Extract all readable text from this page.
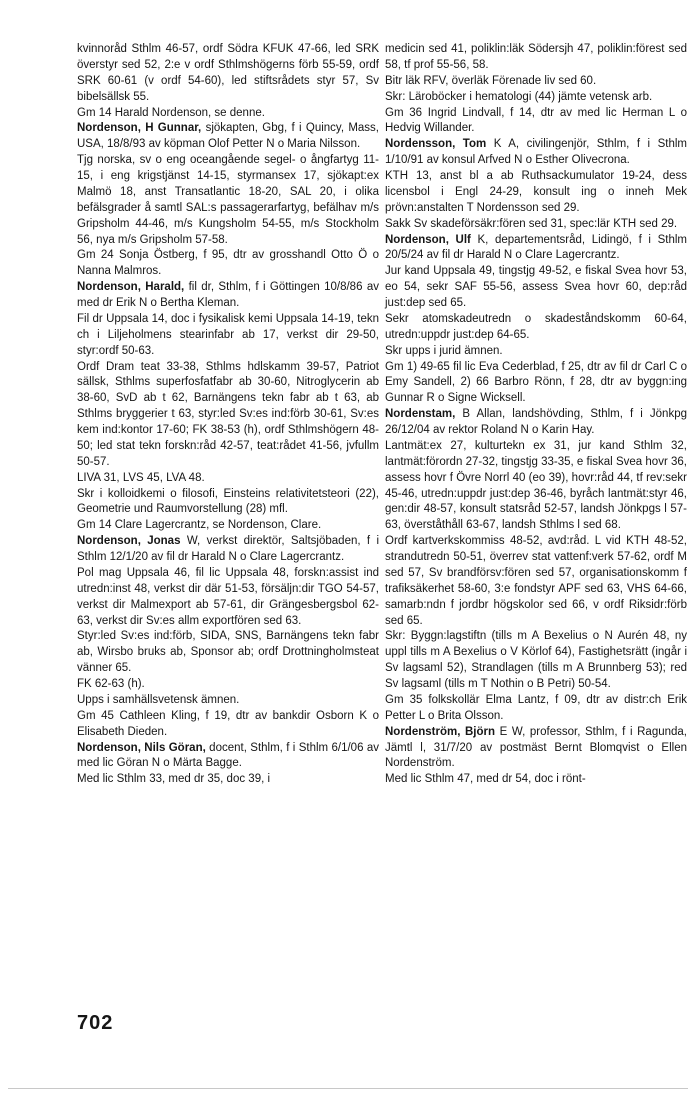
kvinnoråd Sthlm 46-57, ordf Södra KFUK 47-66, led SRK överstyr sed 52, 2:e v ordf Sthlmshögerns förb 55-59, ordf SRK 60-61 (v ordf 54-60), led stiftsrådets styr 57, Sv bibelsällsk 55.

Gm 14 Harald Nordenson, se denne.

Nordenson, H Gunnar, sjökapten, Gbg, f i Quincy, Mass, USA, 18/8/93 av köpman Olof Petter N o Maria Nilsson.

Tjg norska, sv o eng oceangående segel- o ångfartyg 11-15, i eng krigstjänst 14-15, styrmansex 17, sjökapt:ex Malmö 18, anst Transatlantic 18-20, SAL 20, i olika befälsgrader å samtl SAL:s passagerarfartyg, befälhav m/s Gripsholm 44-46, m/s Kungsholm 54-55, m/s Stockholm 56, nya m/s Gripsholm 57-58.

Gm 24 Sonja Östberg, f 95, dtr av grosshandl Otto Ö o Nanna Malmros.

Nordenson, Harald, fil dr, Sthlm, f i Göttingen 10/8/86 av med dr Erik N o Bertha Kleman.

Fil dr Uppsala 14, doc i fysikalisk kemi Uppsala 14-19, tekn ch i Liljeholmens stearinfabr ab 17, verkst dir 29-50, styr:ordf 50-63.

Ordf Dram teat 33-38, Sthlms hdlskamm 39-57, Patriot sällsk, Sthlms superfosfatfabr ab 30-60, Nitroglycerin ab 38-60, SvD ab t 62, Barnängens tekn fabr ab t 63, ab Sthlms bryggerier t 63, styr:led Sv:es ind:förb 30-61, Sv:es kem ind:kontor 17-60; FK 38-53 (h), ordf Sthlmshögern 48-50; led stat tekn forskn:råd 42-57, teat:rådet 41-56, jvfullm 50-57.

LIVA 31, LVS 45, LVA 48.

Skr i kolloidkemi o filosofi, Einsteins relativitetsteori (22), Geometrie und Raumvorstellung (28) mfl.

Gm 14 Clare Lagercrantz, se Nordenson, Clare.

Nordenson, Jonas W, verkst direktör, Saltsjöbaden, f i Sthlm 12/1/20 av fil dr Harald N o Clare Lagercrantz.

Pol mag Uppsala 46, fil lic Uppsala 48, forskn:assist ind utredn:inst 48, verkst dir där 51-53, försäljn:dir TGO 54-57, verkst dir Malmexport ab 57-61, dir Grängesbergsbol 62-63, verkst dir Sv:es allm exportfören sed 63.

Styr:led Sv:es ind:förb, SIDA, SNS, Barnängens tekn fabr ab, Wirsbo bruks ab, Sponsor ab; ordf Drottningholmsteat vänner 65.

FK 62-63 (h).

Upps i samhällsvetensk ämnen.

Gm 45 Cathleen Kling, f 19, dtr av bankdir Osborn K o Elisabeth Dieden.

Nordenson, Nils Göran, docent, Sthlm, f i Sthlm 6/1/06 av med lic Göran N o Märta Bagge.

Med lic Sthlm 33, med dr 35, doc 39, i

medicin sed 41, poliklin:läk Södersjh 47, poliklin:förest sed 58, tf prof 55-56, 58.

Bitr läk RFV, överläk Förenade liv sed 60.

Skr: Läroböcker i hematologi (44) jämte vetensk arb.

Gm 36 Ingrid Lindvall, f 14, dtr av med lic Herman L o Hedvig Willander.

Nordensson, Tom K A, civilingenjör, Sthlm, f i Sthlm 1/10/91 av konsul Arfved N o Esther Olivecrona.

KTH 13, anst bl a ab Ruthsackumulator 19-24, dess licensbol i Engl 24-29, konsult ing o inneh Mek prövn:anstalten T Nordensson sed 29.

Sakk Sv skadeförsäkr:fören sed 31, spec:lär KTH sed 29.

Nordenson, Ulf K, departementsråd, Lidingö, f i Sthlm 20/5/24 av fil dr Harald N o Clare Lagercrantz.

Jur kand Uppsala 49, tingstjg 49-52, e fiskal Svea hovr 53, eo 54, sekr SAF 55-56, assess Svea hovr 60, dep:råd just:dep sed 65.

Sekr atomskadeutredn o skadeståndskomm 60-64, utredn:uppdr just:dep 64-65.

Skr upps i jurid ämnen.

Gm 1) 49-65 fil lic Eva Cederblad, f 25, dtr av fil dr Carl C o Emy Sandell, 2) 66 Barbro Rönn, f 28, dtr av byggn:ing Gunnar R o Signe Wicksell.

Nordenstam, B Allan, landshövding, Sthlm, f i Jönkpg 26/12/04 av rektor Roland N o Karin Hay.

Lantmät:ex 27, kulturtekn ex 31, jur kand Sthlm 32, lantmät:förordn 27-32, tingstjg 33-35, e fiskal Svea hovr 36, assess hovr f Övre Norrl 40 (eo 39), hovr:råd 44, tf rev:sekr 45-46, utredn:uppdr just:dep 36-46, byråch lantmät:styr 46, gen:dir 48-57, konsult statsråd 52-57, landsh Jönkpgs l 57-63, överståthåll 63-67, landsh Sthlms l sed 68.

Ordf kartverkskommiss 48-52, avd:råd. L vid KTH 48-52, strandutredn 50-51, överrev stat vattenf:verk 57-62, ordf M sed 57, Sv brandförsv:fören sed 57, organisationskomm f trafiksäkerhet 58-60, 3:e fondstyr APF sed 63, VHS 64-66, samarb:ndn f jordbr högskolor sed 66, v ordf Riksidr:förb sed 65.

Skr: Byggn:lagstiftn (tills m A Bexelius o N Aurén 48, ny uppl tills m A Bexelius o V Körlof 64), Fastighetsrätt (ingår i Sv lagsaml 52), Strandlagen (tills m A Brunnberg 53); red Sv lagsaml (tills m T Nothin o B Petri) 50-54.

Gm 35 folkskollär Elma Lantz, f 09, dtr av distr:ch Erik Petter L o Brita Olsson.

Nordenström, Björn E W, professor, Sthlm, f i Ragunda, Jämtl l, 31/7/20 av postmäst Bernt Blomqvist o Ellen Nordenström.

Med lic Sthlm 47, med dr 54, doc i rönt-

702
